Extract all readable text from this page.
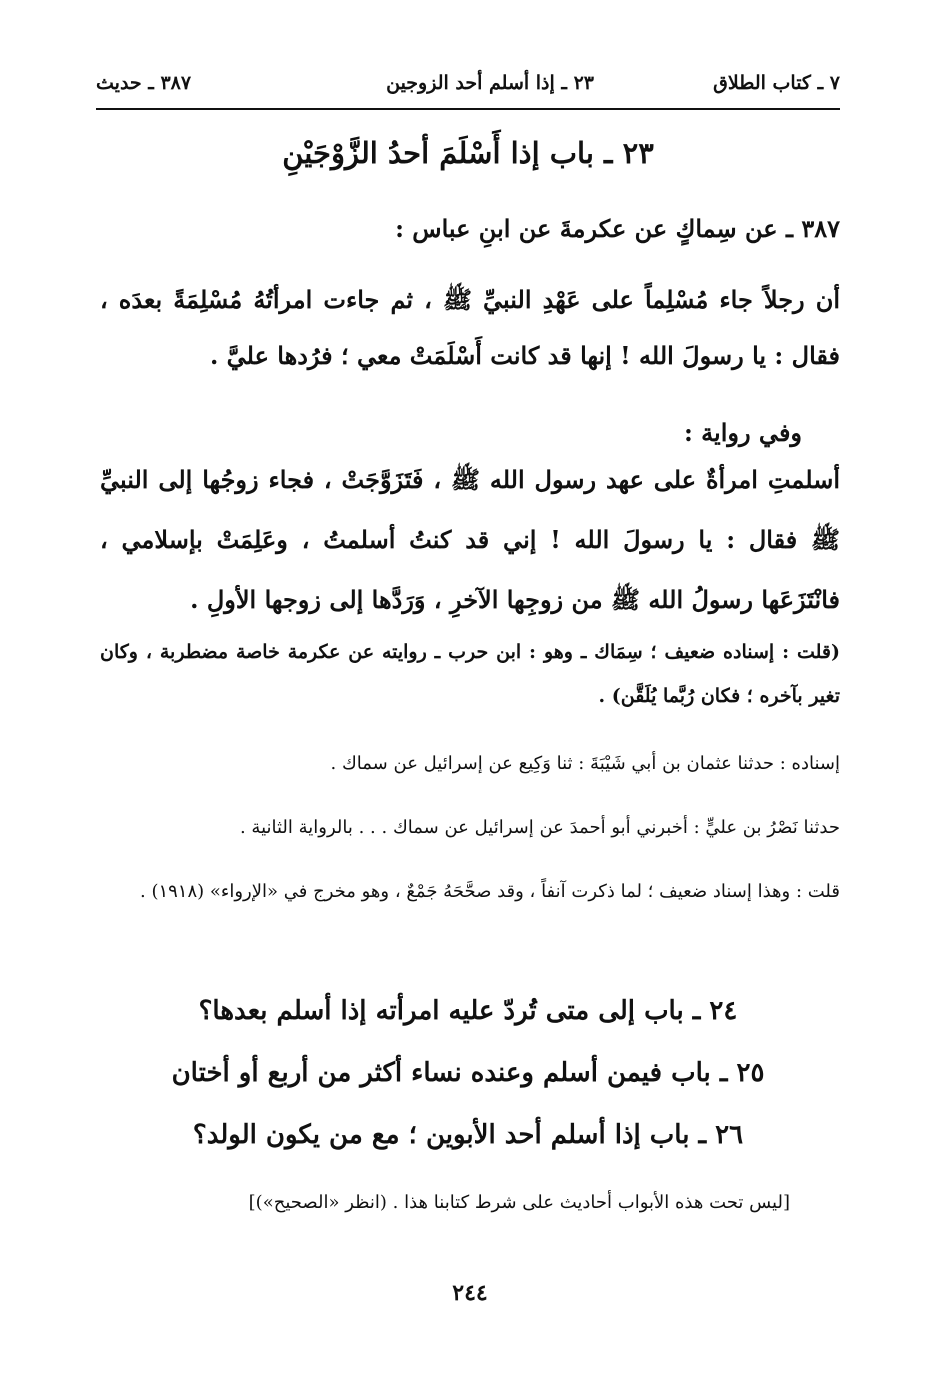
٧ ـ كتاب الطلاق
٢٣ ـ إذا أسلم أحد الزوجين
٣٨٧ ـ حديث
٢٣ ـ باب إذا أَسْلَمَ أحدُ الزَّوْجَيْنِ
٣٨٧ ـ عن سِماكٍ عن عكرمةَ عن ابنِ عباس :
أن رجلاً جاء مُسْلِماً على عَهْدِ النبيِّ ﷺ ، ثم جاءت امرأتُهُ مُسْلِمَةً بعدَه ، فقال : يا رسولَ الله ! إنها قد كانت أَسْلَمَتْ معي ؛ فرُدها عليَّ .
وفي رواية :
أسلمتِ امرأةٌ على عهد رسول الله ﷺ ، فَتَزَوَّجَتْ ، فجاء زوجُها إلى النبيِّ ﷺ فقال : يا رسولَ الله ! إني قد كنتُ أسلمتُ ، وعَلِمَتْ بإسلامي ، فانْتَزَعَها رسولُ الله ﷺ من زوجِها الآخرِ ، وَرَدَّها إلى زوجها الأولِ .
(قلت : إسناده ضعيف ؛ سِمَاك ـ وهو : ابن حرب ـ روايته عن عكرمة خاصة مضطربة ، وكان تغير بآخره ؛ فكان رُبَّما يُلَقَّن) .
إسناده : حدثنا عثمان بن أبي شَيْبَةَ : ثنا وَكِيع عن إسرائيل عن سماك .
حدثنا نَصْرُ بن عليٍّ : أخبرني أبو أحمدَ عن إسرائيل عن سماك . . . بالرواية الثانية .
قلت : وهذا إسناد ضعيف ؛ لما ذكرت آنفاً ، وقد صحَّحَهُ جَمْعٌ ، وهو مخرج في «الإرواء» (١٩١٨) .
٢٤ ـ باب إلى متى تُردّ عليه امرأته إذا أسلم بعدها؟
٢٥ ـ باب فيمن أسلم وعنده نساء أكثر من أربع أو أختان
٢٦ ـ باب إذا أسلم أحد الأبوين ؛ مع من يكون الولد؟
[ليس تحت هذه الأبواب أحاديث على شرط كتابنا هذا . (انظر «الصحيح»)]
٢٤٤
